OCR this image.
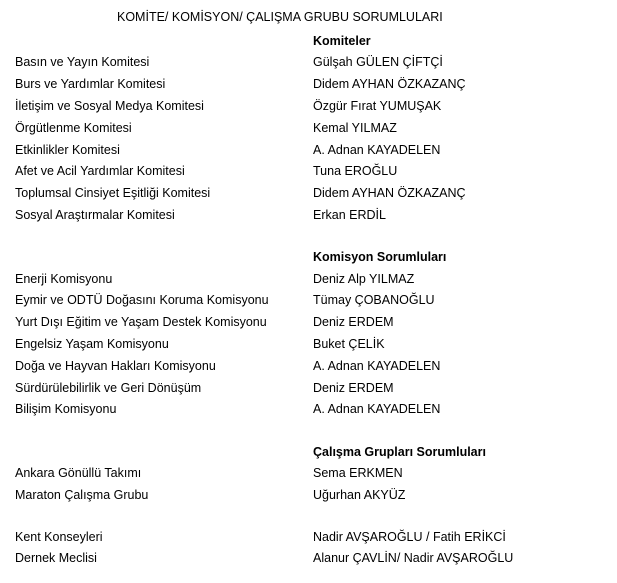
KOMİTE/ KOMİSYON/ ÇALIŞMA GRUBU SORUMLULARI
Komiteler
Basın ve Yayın Komitesi	Gülşah GÜLEN ÇİFTÇİ
Burs ve Yardımlar Komitesi	Didem AYHAN ÖZKAZANÇ
İletişim ve Sosyal Medya Komitesi	Özgür Fırat YUMUŞAK
Örgütlenme Komitesi	Kemal YILMAZ
Etkinlikler Komitesi	A. Adnan KAYADELEN
Afet ve Acil Yardımlar Komitesi	Tuna EROĞLU
Toplumsal Cinsiyet Eşitliği Komitesi	Didem AYHAN ÖZKAZANÇ
Sosyal Araştırmalar Komitesi	Erkan ERDİL
Komisyon Sorumluları
Enerji Komisyonu	Deniz Alp YILMAZ
Eymir ve ODTÜ Doğasını Koruma Komisyonu	Tümay ÇOBANOĞLU
Yurt Dışı Eğitim ve Yaşam Destek Komisyonu	Deniz ERDEM
Engelsiz Yaşam Komisyonu	Buket ÇELİK
Doğa ve Hayvan Hakları Komisyonu	A. Adnan KAYADELEN
Sürdürülebilirlik ve Geri Dönüşüm	Deniz ERDEM
Bilişim Komisyonu	A. Adnan KAYADELEN
Çalışma Grupları Sorumluları
Ankara Gönüllü Takımı	Sema ERKMEN
Maraton Çalışma Grubu	Uğurhan AKYÜZ
Kent Konseyleri	Nadir AVŞAROĞLU / Fatih ERİKCİ
Dernek Meclisi	Alanur ÇAVLİN/ Nadir AVŞAROĞLU
